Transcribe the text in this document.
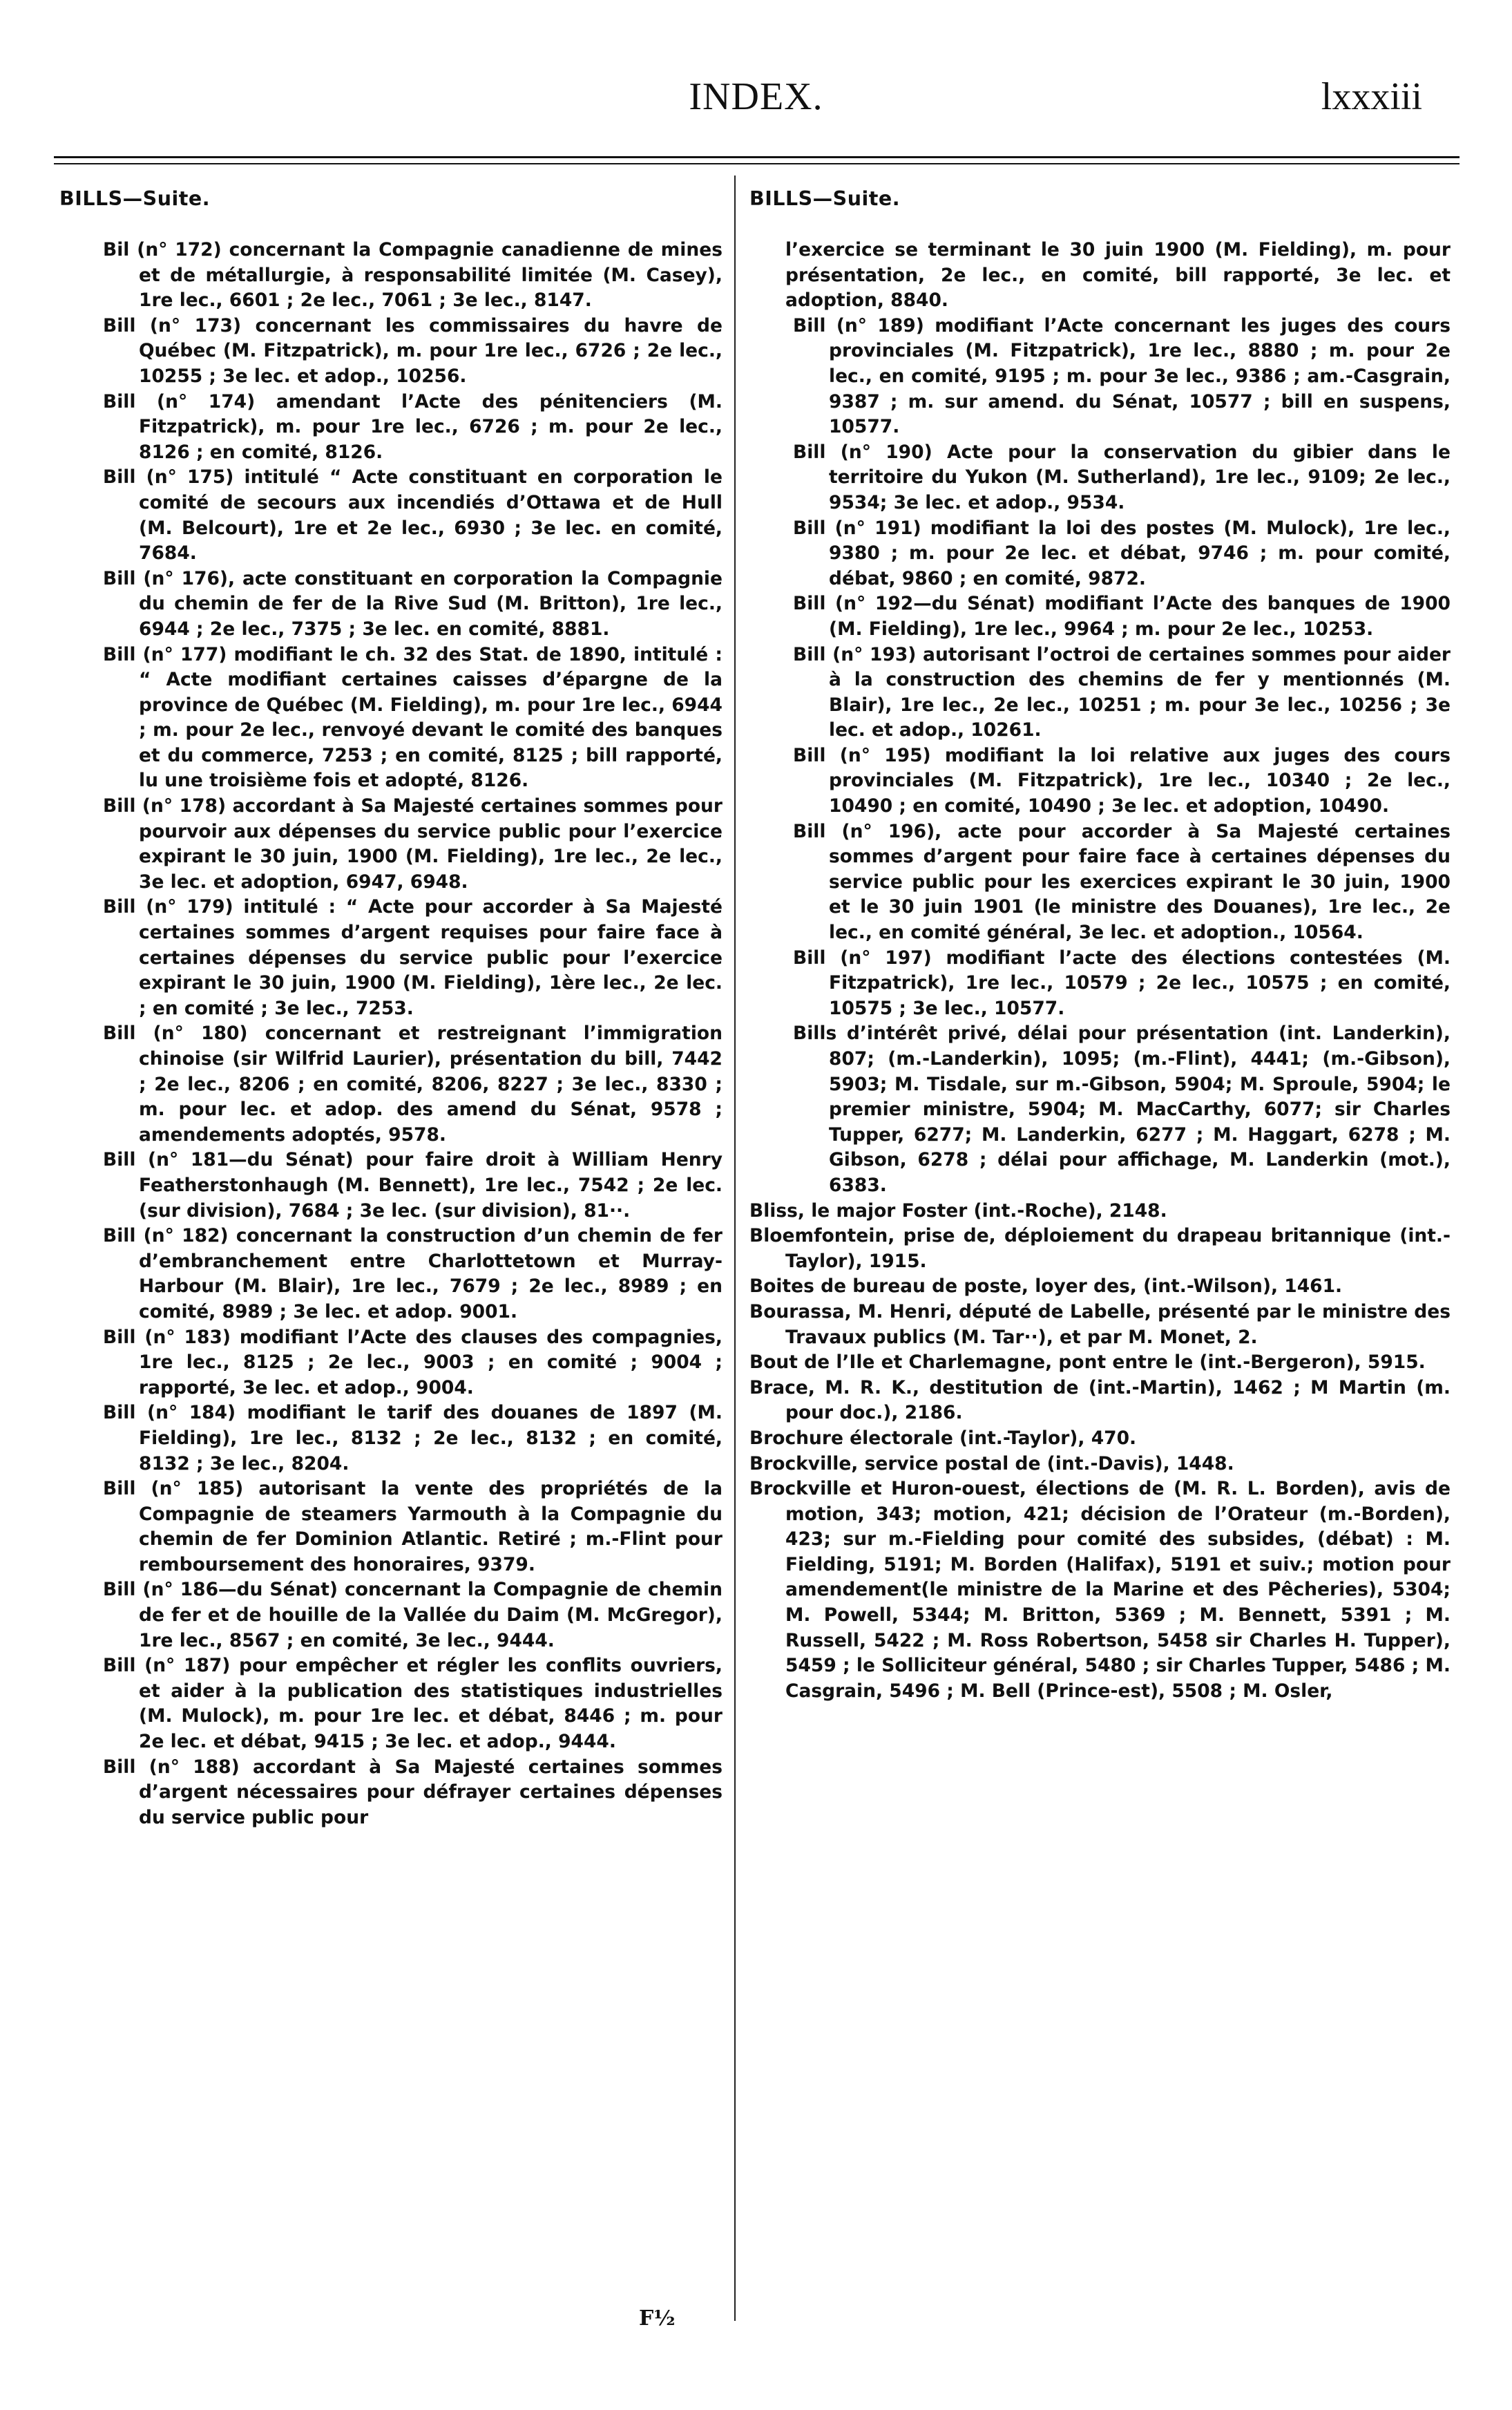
INDEX.	lxxxiii
BILLS—Suite.

Bil (n° 172) concernant la Compagnie canadienne de mines et de métallurgie, à responsabilité limitée (M. Casey), 1re lec., 6601 ; 2e lec., 7061 ; 3e lec., 8147.

Bill (n° 173) concernant les commissaires du havre de Québec (M. Fitzpatrick), m. pour 1re lec., 6726 ; 2e lec., 10255 ; 3e lec. et adop., 10256.

Bill (n° 174) amendant l’Acte des pénitenciers (M. Fitzpatrick), m. pour 1re lec., 6726 ; m. pour 2e lec., 8126 ; en comité, 8126.

Bill (n° 175) intitulé “ Acte constituant en corporation le comité de secours aux incendiés d’Ottawa et de Hull (M. Belcourt), 1re et 2e lec., 6930 ; 3e lec. en comité, 7684.

Bill (n° 176), acte constituant en corporation la Compagnie du chemin de fer de la Rive Sud (M. Britton), 1re lec., 6944 ; 2e lec., 7375 ; 3e lec. en comité, 8881.

Bill (n° 177) modifiant le ch. 32 des Stat. de 1890, intitulé : “ Acte modifiant certaines caisses d’épargne de la province de Québec (M. Fielding), m. pour 1re lec., 6944 ; m. pour 2e lec., renvoyé devant le comité des banques et du commerce, 7253 ; en comité, 8125 ; bill rapporté, lu une troisième fois et adopté, 8126.

Bill (n° 178) accordant à Sa Majesté certaines sommes pour pourvoir aux dépenses du service public pour l’exercice expirant le 30 juin, 1900 (M. Fielding), 1re lec., 2e lec., 3e lec. et adoption, 6947, 6948.

Bill (n° 179) intitulé : “ Acte pour accorder à Sa Majesté certaines sommes d’argent requises pour faire face à certaines dépenses du service public pour l’exercice expirant le 30 juin, 1900 (M. Fielding), 1ère lec., 2e lec. ; en comité ; 3e lec., 7253.

Bill (n° 180) concernant et restreignant l’immigration chinoise (sir Wilfrid Laurier), présentation du bill, 7442 ; 2e lec., 8206 ; en comité, 8206, 8227 ; 3e lec., 8330 ; m. pour lec. et adop. des amend du Sénat, 9578 ; amendements adoptés, 9578.

Bill (n° 181—du Sénat) pour faire droit à William Henry Featherstonhaugh (M. Bennett), 1re lec., 7542 ; 2e lec. (sur division), 7684 ; 3e lec. (sur division), 81··.

Bill (n° 182) concernant la construction d’un chemin de fer d’embranchement entre Charlottetown et Murray-Harbour (M. Blair), 1re lec., 7679 ; 2e lec., 8989 ; en comité, 8989 ; 3e lec. et adop. 9001.

Bill (n° 183) modifiant l’Acte des clauses des compagnies, 1re lec., 8125 ; 2e lec., 9003 ; en comité ; 9004 ; rapporté, 3e lec. et adop., 9004.

Bill (n° 184) modifiant le tarif des douanes de 1897 (M. Fielding), 1re lec., 8132 ; 2e lec., 8132 ; en comité, 8132 ; 3e lec., 8204.

Bill (n° 185) autorisant la vente des propriétés de la Compagnie de steamers Yarmouth à la Compagnie du chemin de fer Dominion Atlantic. Retiré ; m.-Flint pour remboursement des honoraires, 9379.

Bill (n° 186—du Sénat) concernant la Compagnie de chemin de fer et de houille de la Vallée du Daim (M. McGregor), 1re lec., 8567 ; en comité, 3e lec., 9444.

Bill (n° 187) pour empêcher et régler les conflits ouvriers, et aider à la publication des statistiques industrielles (M. Mulock), m. pour 1re lec. et débat, 8446 ; m. pour 2e lec. et débat, 9415 ; 3e lec. et adop., 9444.

Bill (n° 188) accordant à Sa Majesté certaines sommes d’argent nécessaires pour défrayer certaines dépenses du service public pour

BILLS—Suite.

l’exercice se terminant le 30 juin 1900 (M. Fielding), m. pour présentation, 2e lec., en comité, bill rapporté, 3e lec. et adoption, 8840.

Bill (n° 189) modifiant l’Acte concernant les juges des cours provinciales (M. Fitzpatrick), 1re lec., 8880 ; m. pour 2e lec., en comité, 9195 ; m. pour 3e lec., 9386 ; am.-Casgrain, 9387 ; m. sur amend. du Sénat, 10577 ; bill en suspens, 10577.

Bill (n° 190) Acte pour la conservation du gibier dans le territoire du Yukon (M. Sutherland), 1re lec., 9109; 2e lec., 9534; 3e lec. et adop., 9534.

Bill (n° 191) modifiant la loi des postes (M. Mulock), 1re lec., 9380 ; m. pour 2e lec. et débat, 9746 ; m. pour comité, débat, 9860 ; en comité, 9872.

Bill (n° 192—du Sénat) modifiant l’Acte des banques de 1900 (M. Fielding), 1re lec., 9964 ; m. pour 2e lec., 10253.

Bill (n° 193) autorisant l’octroi de certaines sommes pour aider à la construction des chemins de fer y mentionnés (M. Blair), 1re lec., 2e lec., 10251 ; m. pour 3e lec., 10256 ; 3e lec. et adop., 10261.

Bill (n° 195) modifiant la loi relative aux juges des cours provinciales (M. Fitzpatrick), 1re lec., 10340 ; 2e lec., 10490 ; en comité, 10490 ; 3e lec. et adoption, 10490.

Bill (n° 196), acte pour accorder à Sa Majesté certaines sommes d’argent pour faire face à certaines dépenses du service public pour les exercices expirant le 30 juin, 1900 et le 30 juin 1901 (le ministre des Douanes), 1re lec., 2e lec., en comité général, 3e lec. et adoption., 10564.

Bill (n° 197) modifiant l’acte des élections contestées (M. Fitzpatrick), 1re lec., 10579 ; 2e lec., 10575 ; en comité, 10575 ; 3e lec., 10577.

Bills d’intérêt privé, délai pour présentation (int. Landerkin), 807; (m.-Landerkin), 1095; (m.-Flint), 4441; (m.-Gibson), 5903; M. Tisdale, sur m.-Gibson, 5904; M. Sproule, 5904; le premier ministre, 5904; M. MacCarthy, 6077; sir Charles Tupper, 6277; M. Landerkin, 6277 ; M. Haggart, 6278 ; M. Gibson, 6278 ; délai pour affichage, M. Landerkin (mot.), 6383.

Bliss, le major Foster (int.-Roche), 2148.

Bloemfontein, prise de, déploiement du drapeau britannique (int.-Taylor), 1915.

Boites de bureau de poste, loyer des, (int.-Wilson), 1461.

Bourassa, M. Henri, député de Labelle, présenté par le ministre des Travaux publics (M. Tar··), et par M. Monet, 2.

Bout de l’Ile et Charlemagne, pont entre le (int.-Bergeron), 5915.

Brace, M. R. K., destitution de (int.-Martin), 1462 ; M Martin (m. pour doc.), 2186.

Brochure électorale (int.-Taylor), 470.

Brockville, service postal de (int.-Davis), 1448.

Brockville et Huron-ouest, élections de (M. R. L. Borden), avis de motion, 343; motion, 421; décision de l’Orateur (m.-Borden), 423; sur m.-Fielding pour comité des subsides, (débat) : M. Fielding, 5191; M. Borden (Halifax), 5191 et suiv.; motion pour amendement(le ministre de la Marine et des Pêcheries), 5304; M. Powell, 5344; M. Britton, 5369 ; M. Bennett, 5391 ; M. Russell, 5422 ; M. Ross Robertson, 5458 sir Charles H. Tupper), 5459 ; le Solliciteur général, 5480 ; sir Charles Tupper, 5486 ; M. Casgrain, 5496 ; M. Bell (Prince-est), 5508 ; M. Osler,

F½
